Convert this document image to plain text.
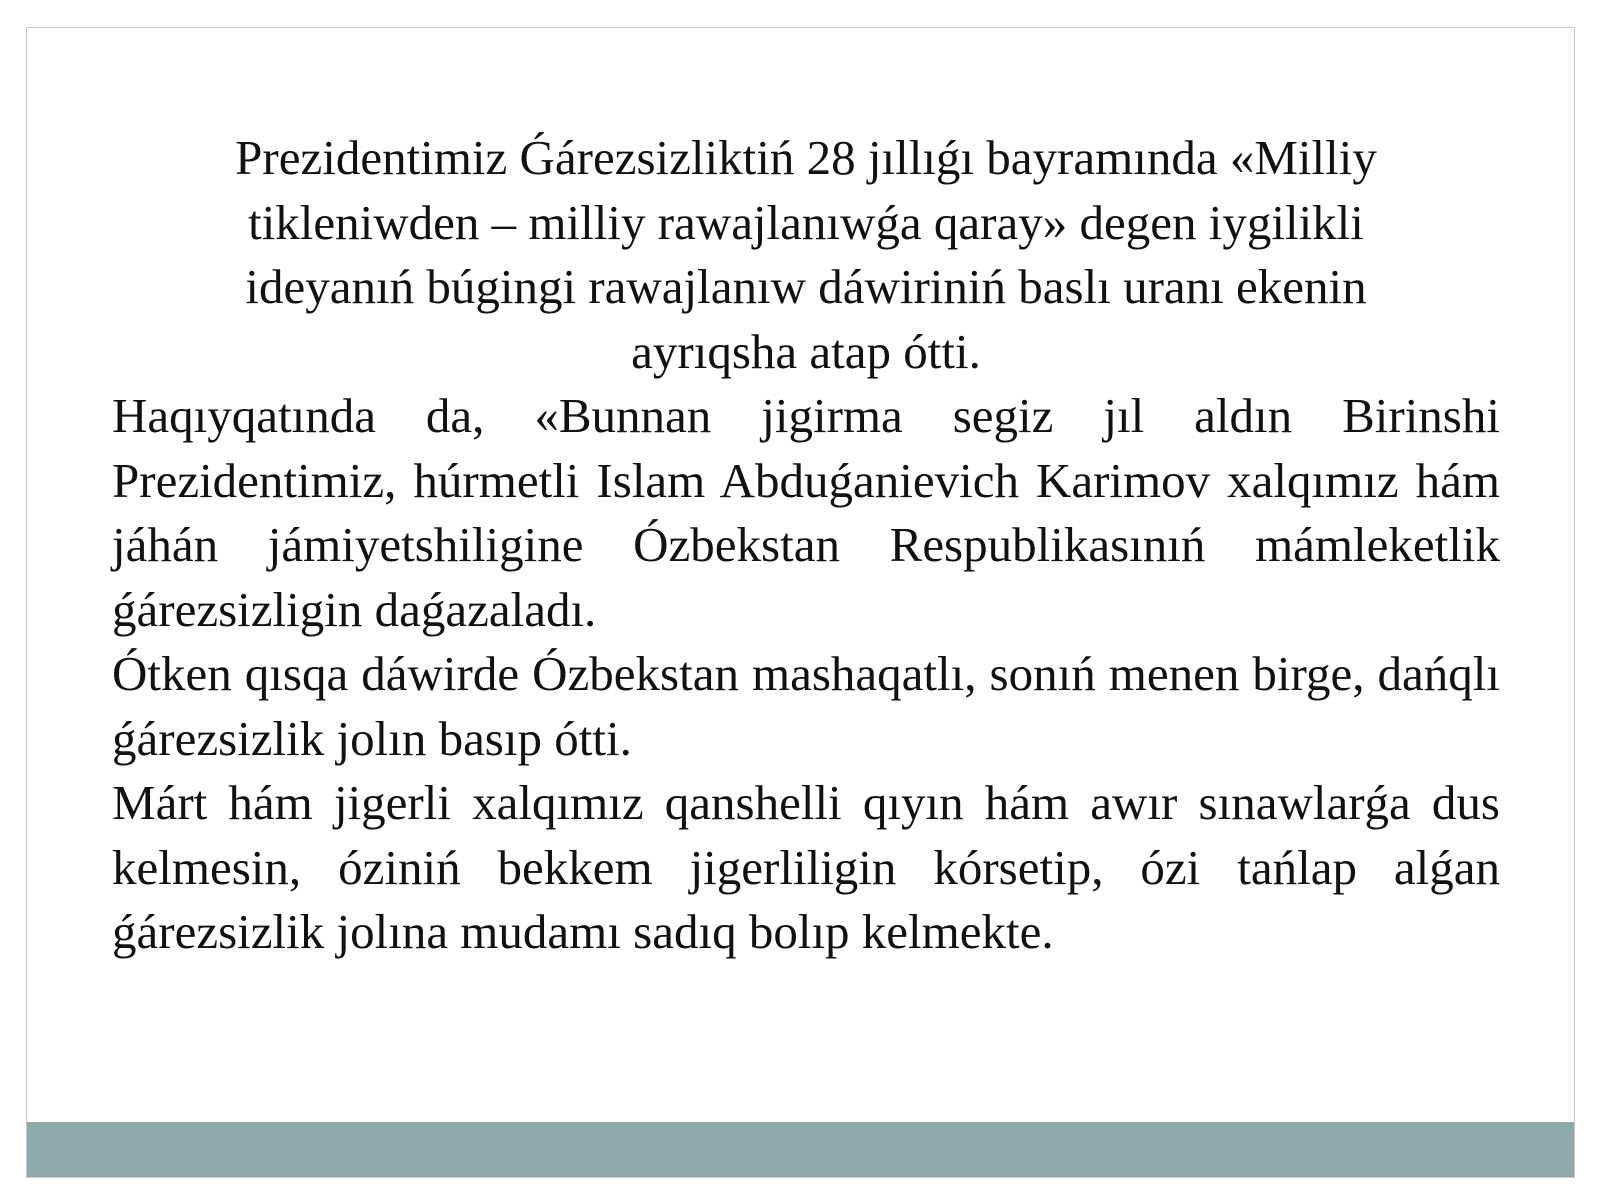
Prezidentimiz Ǵárezsizliktiń 28 jıllıǵı bayramında «Milliy tikleniwden – milliy rawajlanıwǵa qaray» degen iygilikli ideyanıń búgingi rawajlanıw dáwiriniń baslı uranı ekenin ayrıqsha atap ótti.

Haqıyqatında da, «Bunnan jigirma segiz jıl aldın Birinshi Prezidentimiz, húrmetli Islam Abduǵanievich Karimov xalqımız hám jáhán jámiyetshiligine Ózbekstan Respublikasınıń mámleketlik ǵárezsizligin daǵazaladı.

Ótken qısqa dáwirde Ózbekstan mashaqatlı, sonıń menen birge, dańqlı ǵárezsizlik jolın basıp ótti.

Márt hám jigerli xalqımız qanshelli qıyın hám awır sınawlarǵa dus kelmesin, óziniń bekkem jigerliligin kórsetip, ózi tańlap alǵan ǵárezsizlik jolına mudamı sadıq bolıp kelmekte.
